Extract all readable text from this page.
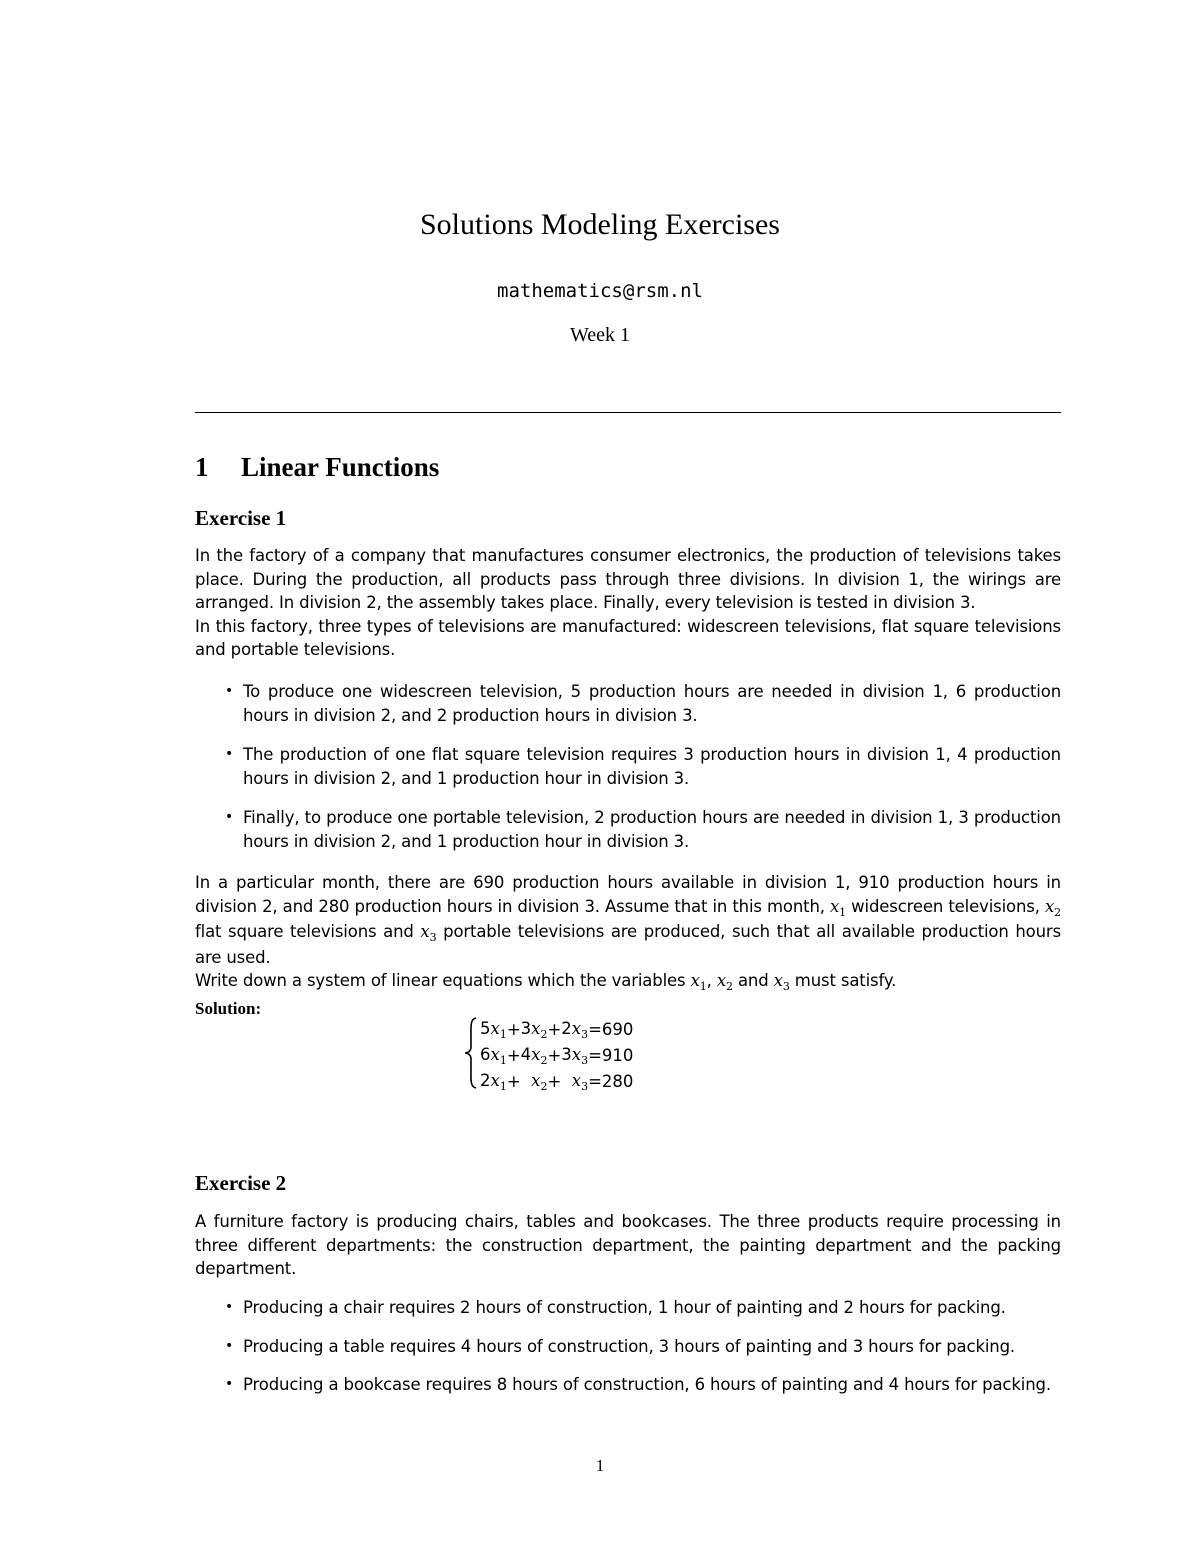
Solutions Modeling Exercises
mathematics@rsm.nl
Week 1
1 Linear Functions
Exercise 1

In the factory of a company that manufactures consumer electronics, the production of televisions takes place. During the production, all products pass through three divisions. In division 1, the wirings are arranged. In division 2, the assembly takes place. Finally, every television is tested in division 3.

In this factory, three types of televisions are manufactured: widescreen televisions, flat square televisions and portable televisions.

• To produce one widescreen television, 5 production hours are needed in division 1, 6 production hours in division 2, and 2 production hours in division 3.
• The production of one flat square television requires 3 production hours in division 1, 4 production hours in division 2, and 1 production hour in division 3.
• Finally, to produce one portable television, 2 production hours are needed in division 1, 3 production hours in division 2, and 1 production hour in division 3.

In a particular month, there are 690 production hours available in division 1, 910 production hours in division 2, and 280 production hours in division 3. Assume that in this month, $x_1$ widescreen televisions, $x_2$ flat square televisions and $x_3$ portable televisions are produced, such that all available production hours are used.

Write down a system of linear equations which the variables $x_1$, $x_2$ and $x_3$ must satisfy.

Solution:
$5x_1$	+	$3x_2$	+	$2x_3$	=	690
$6x_1$	+	$4x_2$	+	$3x_3$	=	910
$2x_1$	+	$x_2$	+	$x_3$	=	280
Exercise 2

A furniture factory is producing chairs, tables and bookcases. The three products require processing in three different departments: the construction department, the painting department and the packing department.

• Producing a chair requires 2 hours of construction, 1 hour of painting and 2 hours for packing.
• Producing a table requires 4 hours of construction, 3 hours of painting and 3 hours for packing.
• Producing a bookcase requires 8 hours of construction, 6 hours of painting and 4 hours for packing.
1
